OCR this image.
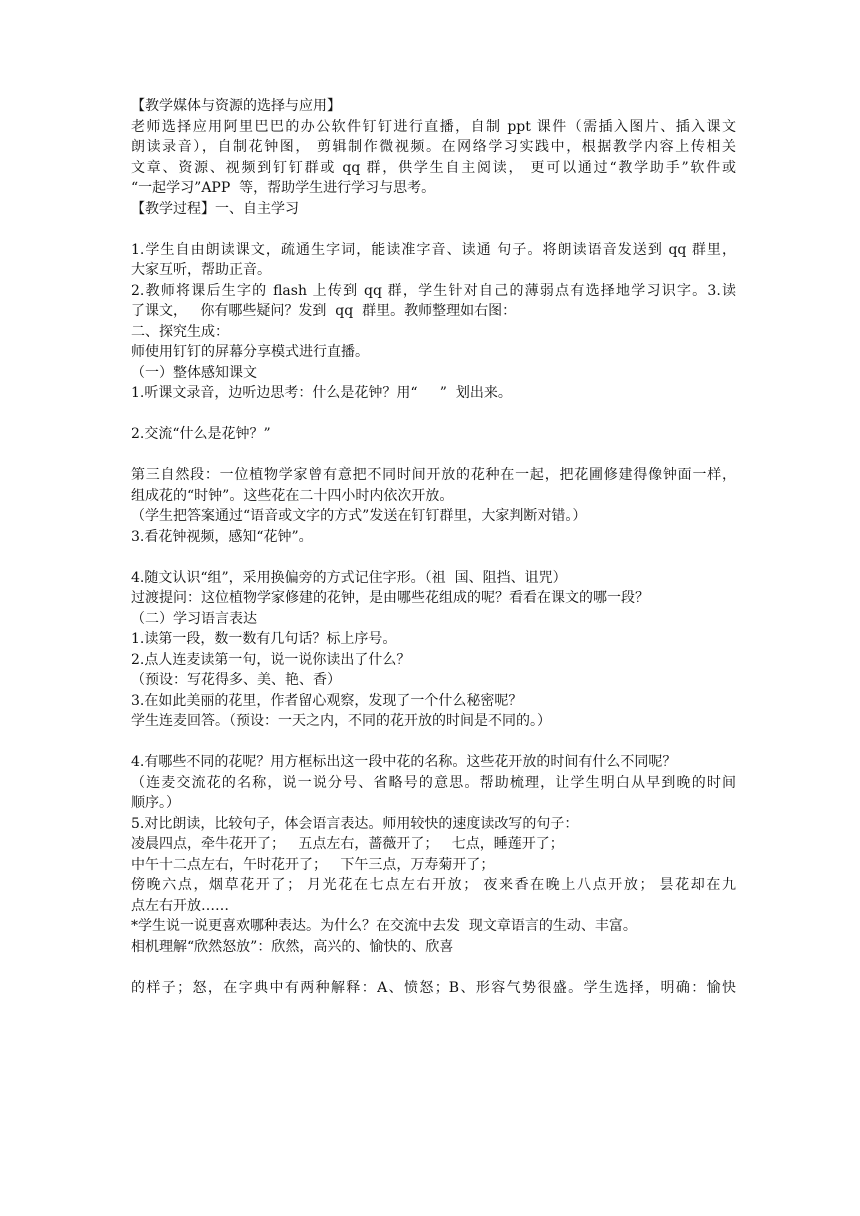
【教学媒体与资源的选择与应用】
老师选择应用阿里巴巴的办公软件钉钉进行直播，自制 ppt 课件（需插入图片、插入课文
朗读录音），自制花钟图， 剪辑制作微视频。在网络学习实践中，根据教学内容上传相关
文章、资源、视频到钉钉群或 qq 群，供学生自主阅读， 更可以通过“教学助手”软件或
“一起学习”APP  等，帮助学生进行学习与思考。
【教学过程】一、自主学习
1.学生自由朗读课文，疏通生字词，能读准字音、读通 句子。将朗读语音发送到 qq 群里，
大家互听，帮助正音。
2.教师将课后生字的 flash 上传到 qq 群，学生针对自己的薄弱点有选择地学习识字。3.读
了课文，   你有哪些疑问？发到  qq  群里。教师整理如右图：
二、探究生成：
师使用钉钉的屏幕分享模式进行直播。
（一）整体感知课文
1.听课文录音，边听边思考：什么是花钟？用“     ”  划出来。
2.交流“什么是花钟？”
第三自然段：一位植物学家曾有意把不同时间开放的花种在一起，把花圃修建得像钟面一样，
组成花的“时钟”。这些花在二十四小时内依次开放。
（学生把答案通过“语音或文字的方式”发送在钉钉群里，大家判断对错。）
3.看花钟视频，感知“花钟”。
4.随文认识“组”，采用换偏旁的方式记住字形。（祖  国、阻挡、诅咒）
过渡提问：这位植物学家修建的花钟，是由哪些花组成的呢？看看在课文的哪一段？
（二）学习语言表达
1.读第一段，数一数有几句话？标上序号。
2.点人连麦读第一句，说一说你读出了什么？
（预设：写花得多、美、艳、香）
3.在如此美丽的花里，作者留心观察，发现了一个什么秘密呢？
学生连麦回答。（预设：一天之内，不同的花开放的时间是不同的。）
4.有哪些不同的花呢？用方框标出这一段中花的名称。这些花开放的时间有什么不同呢？
（连麦交流花的名称，说一说分号、省略号的意思。帮助梳理，让学生明白从早到晚的时间
顺序。）
5.对比朗读，比较句子，体会语言表达。师用较快的速度读改写的句子：
凌晨四点，牵牛花开了；   五点左右，蔷薇开了；   七点，睡莲开了；
中午十二点左右，午时花开了；   下午三点，万寿菊开了；
傍晚六点，烟草花开了； 月光花在七点左右开放； 夜来香在晚上八点开放； 昙花却在九
点左右开放……
*学生说一说更喜欢哪种表达。为什么？在交流中去发  现文章语言的生动、丰富。
相机理解“欣然怒放”：欣然，高兴的、愉快的、欣喜
的样子；怒，在字典中有两种解释：A、愤怒；B、形容气势很盛。学生选择，明确：愉快
